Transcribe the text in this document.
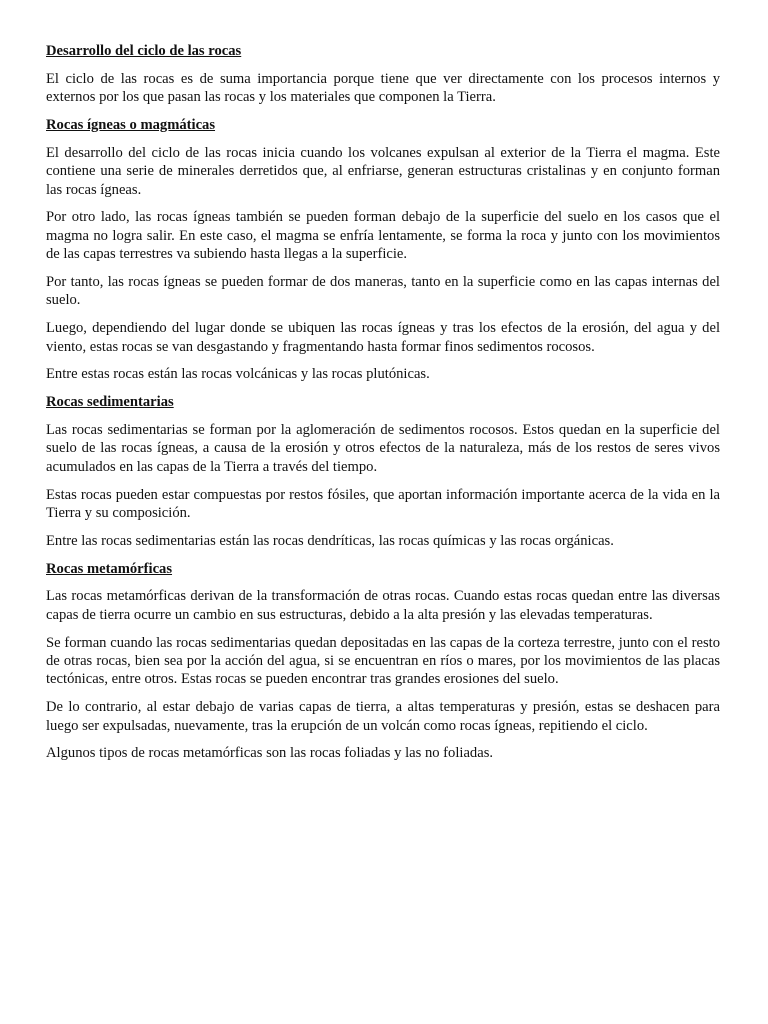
Desarrollo del ciclo de las rocas

El ciclo de las rocas es de suma importancia porque tiene que ver directamente con los procesos internos y externos por los que pasan las rocas y los materiales que componen la Tierra.

Rocas ígneas o magmáticas

El desarrollo del ciclo de las rocas inicia cuando los volcanes expulsan al exterior de la Tierra el magma. Este contiene una serie de minerales derretidos que, al enfriarse, generan estructuras cristalinas y en conjunto forman las rocas ígneas.

Por otro lado, las rocas ígneas también se pueden forman debajo de la superficie del suelo en los casos que el magma no logra salir. En este caso, el magma se enfría lentamente, se forma la roca y junto con los movimientos de las capas terrestres va subiendo hasta llegas a la superficie.

Por tanto, las rocas ígneas se pueden formar de dos maneras, tanto en la superficie como en las capas internas del suelo.

Luego, dependiendo del lugar donde se ubiquen las rocas ígneas y tras los efectos de la erosión, del agua y del viento, estas rocas se van desgastando y fragmentando hasta formar finos sedimentos rocosos.

Entre estas rocas están las rocas volcánicas y las rocas plutónicas.

Rocas sedimentarias

Las rocas sedimentarias se forman por la aglomeración de sedimentos rocosos. Estos quedan en la superficie del suelo de las rocas ígneas, a causa de la erosión y otros efectos de la naturaleza, más de los restos de seres vivos acumulados en las capas de la Tierra a través del tiempo.

Estas rocas pueden estar compuestas por restos fósiles, que aportan información importante acerca de la vida en la Tierra y su composición.

Entre las rocas sedimentarias están las rocas dendríticas, las rocas químicas y las rocas orgánicas.

Rocas metamórficas

Las rocas metamórficas derivan de la transformación de otras rocas. Cuando estas rocas quedan entre las diversas capas de tierra ocurre un cambio en sus estructuras, debido a la alta presión y las elevadas temperaturas.

Se forman cuando las rocas sedimentarias quedan depositadas en las capas de la corteza terrestre, junto con el resto de otras rocas, bien sea por la acción del agua, si se encuentran en ríos o mares, por los movimientos de las placas tectónicas, entre otros. Estas rocas se pueden encontrar tras grandes erosiones del suelo.

De lo contrario, al estar debajo de varias capas de tierra, a altas temperaturas y presión, estas se deshacen para luego ser expulsadas, nuevamente, tras la erupción de un volcán como rocas ígneas, repitiendo el ciclo.

Algunos tipos de rocas metamórficas son las rocas foliadas y las no foliadas.
